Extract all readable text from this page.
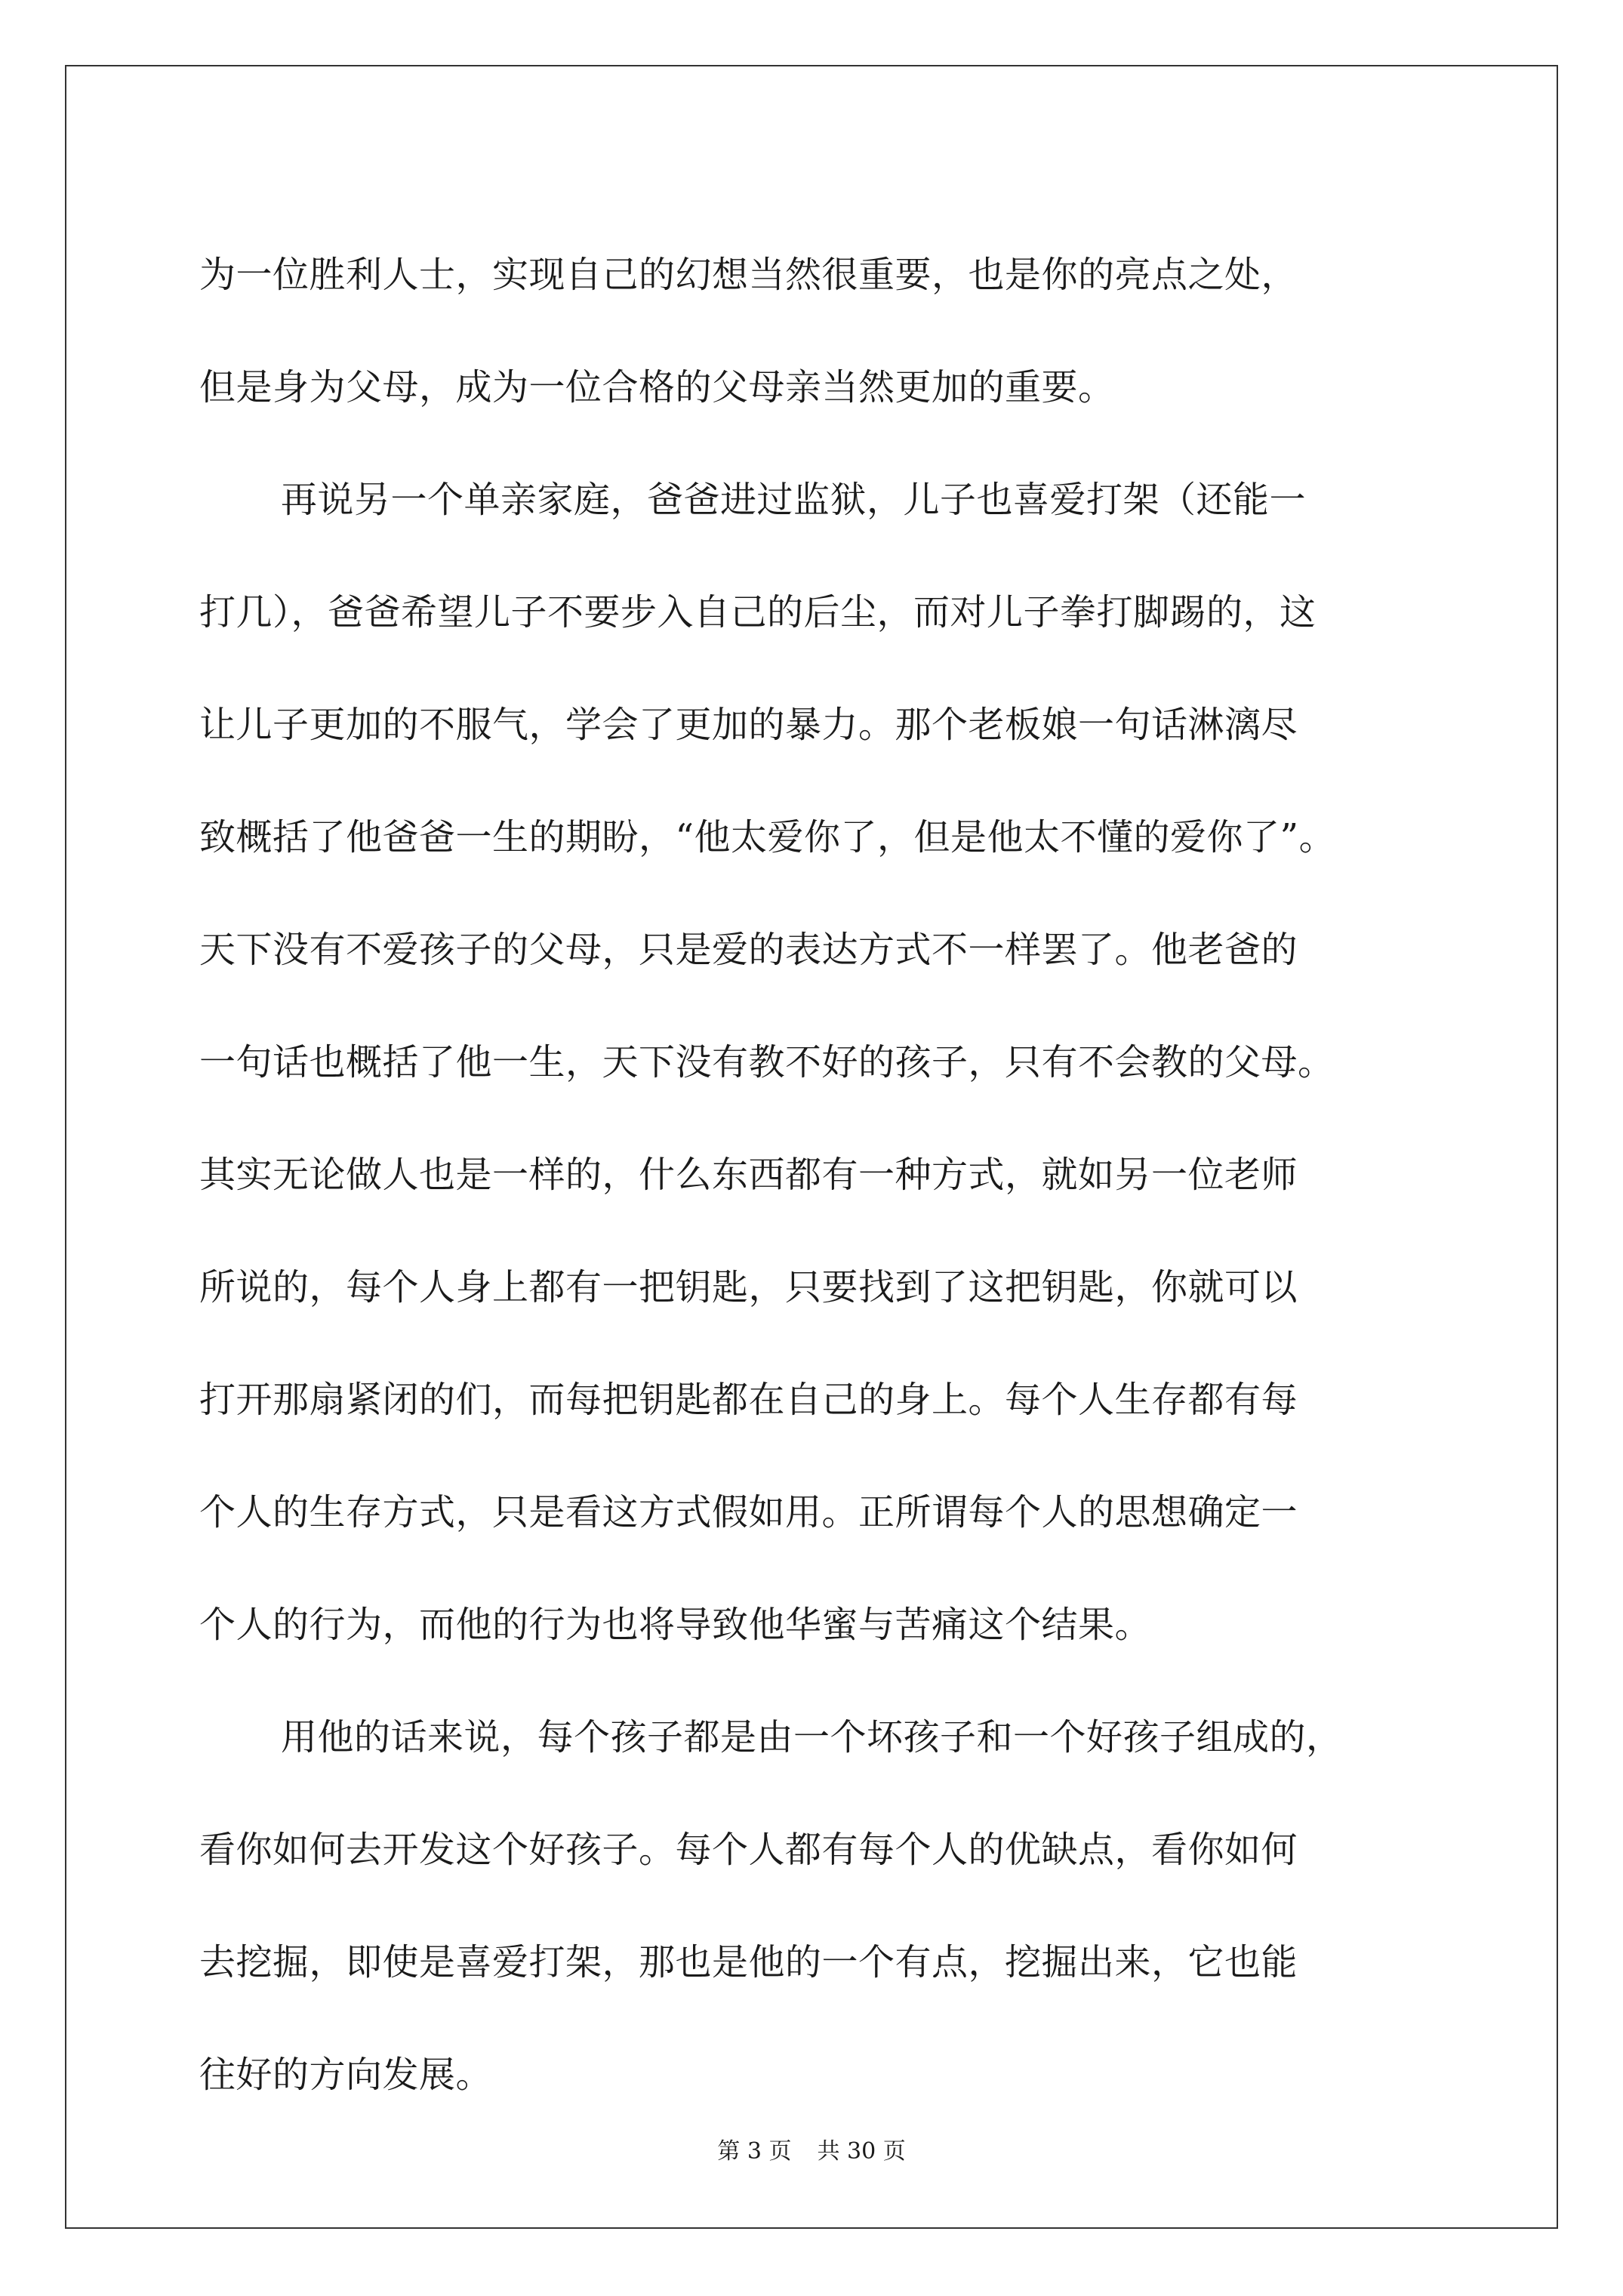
为一位胜利人士，实现自己的幻想当然很重要，也是你的亮点之处，
但是身为父母，成为一位合格的父母亲当然更加的重要。
再说另一个单亲家庭，爸爸进过监狱，儿子也喜爱打架（还能一
打几），爸爸希望儿子不要步入自己的后尘，而对儿子拳打脚踢的，这
让儿子更加的不服气，学会了更加的暴力。那个老板娘一句话淋漓尽
致概括了他爸爸一生的期盼，“他太爱你了，但是他太不懂的爱你了”。
天下没有不爱孩子的父母，只是爱的表达方式不一样罢了。他老爸的
一句话也概括了他一生，天下没有教不好的孩子，只有不会教的父母。
其实无论做人也是一样的，什么东西都有一种方式，就如另一位老师
所说的，每个人身上都有一把钥匙，只要找到了这把钥匙，你就可以
打开那扇紧闭的们，而每把钥匙都在自己的身上。每个人生存都有每
个人的生存方式，只是看这方式假如用。正所谓每个人的思想确定一
个人的行为，而他的行为也将导致他华蜜与苦痛这个结果。
用他的话来说，每个孩子都是由一个坏孩子和一个好孩子组成的，
看你如何去开发这个好孩子。每个人都有每个人的优缺点，看你如何
去挖掘，即使是喜爱打架，那也是他的一个有点，挖掘出来，它也能
往好的方向发展。
第 3 页 共 30 页
